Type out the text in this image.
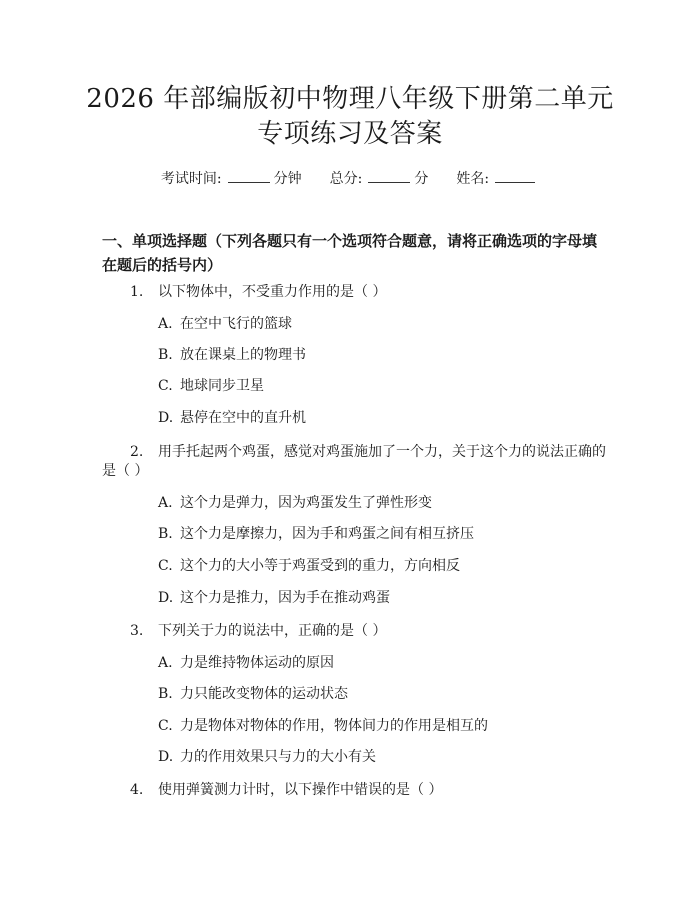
2026 年部编版初中物理八年级下册第二单元
专项练习及答案
考试时间:	分钟 总分:	分 姓名:

一、单项选择题（下列各题只有一个选项符合题意，请将正确选项的字母填在题后的括号内）

1. 以下物体中，不受重力作用的是（ ）
A. 在空中飞行的篮球
B. 放在课桌上的物理书
C. 地球同步卫星
D. 悬停在空中的直升机
2. 用手托起两个鸡蛋，感觉对鸡蛋施加了一个力，关于这个力的说法正确的
是（ ）
A. 这个力是弹力，因为鸡蛋发生了弹性形变
B. 这个力是摩擦力，因为手和鸡蛋之间有相互挤压
C. 这个力的大小等于鸡蛋受到的重力，方向相反
D. 这个力是推力，因为手在推动鸡蛋
3. 下列关于力的说法中，正确的是（ ）
A. 力是维持物体运动的原因
B. 力只能改变物体的运动状态
C. 力是物体对物体的作用，物体间力的作用是相互的
D. 力的作用效果只与力的大小有关
4. 使用弹簧测力计时，以下操作中错误的是（ ）
